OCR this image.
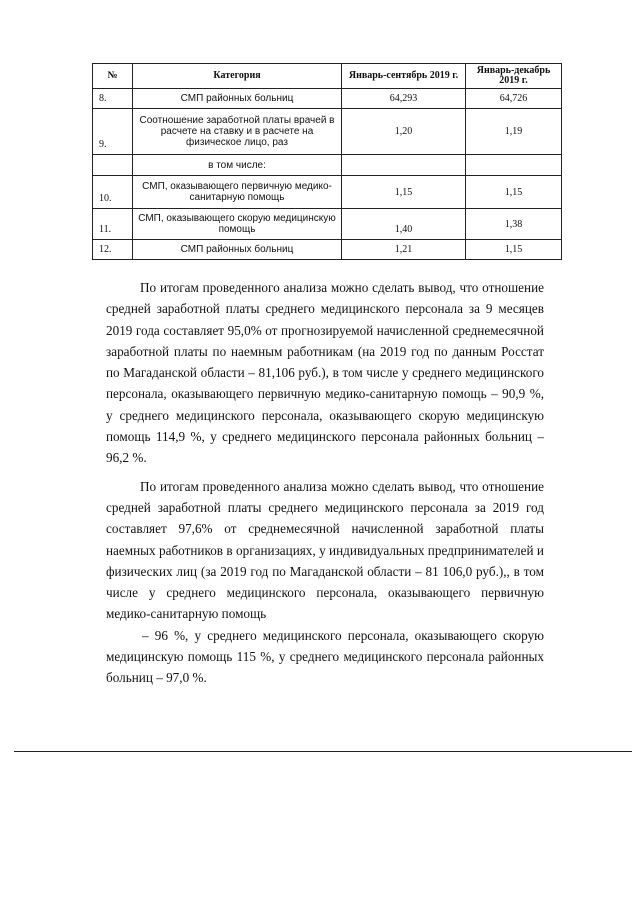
№	Категория	Январь-сентябрь 2019 г.	Январь-декабрь 2019 г.
8.	СМП районных больниц	64,293	64,726
9.	Соотношение заработной платы врачей в расчете на ставку и в расчете на физическое лицо, раз	1,20	1,19
	в том числе:		
10.	СМП, оказывающего первичную медико-санитарную помощь	1,15	1,15
11.	СМП, оказывающего скорую медицинскую помощь	1,40	1,38
12.	СМП районных больниц	1,21	1,15

По итогам проведенного анализа можно сделать вывод, что отношение средней заработной платы среднего медицинского персонала за 9 месяцев 2019 года составляет 95,0% от прогнозируемой начисленной среднемесячной заработной платы по наемным работникам (на 2019 год по данным Росстат по Магаданской области – 81,106 руб.), в том числе у среднего медицинского персонала, оказывающего первичную медико-санитарную помощь – 90,9 %, у среднего медицинского персонала, оказывающего скорую медицинскую помощь 114,9 %, у среднего медицинского персонала районных больниц –96,2 %.

По итогам проведенного анализа можно сделать вывод, что отношение средней заработной платы среднего медицинского персонала за 2019 год составляет 97,6% от среднемесячной начисленной заработной платы наемных работников в организациях, у индивидуальных предпринимателей и физических лиц (за 2019 год по Магаданской области – 81 106,0 руб.),, в том числе у среднего медицинского персонала, оказывающего первичную медико-санитарную помощь

– 96 %, у среднего медицинского персонала, оказывающего скорую медицинскую помощь 115 %, у среднего медицинского персонала районных больниц – 97,0 %.
